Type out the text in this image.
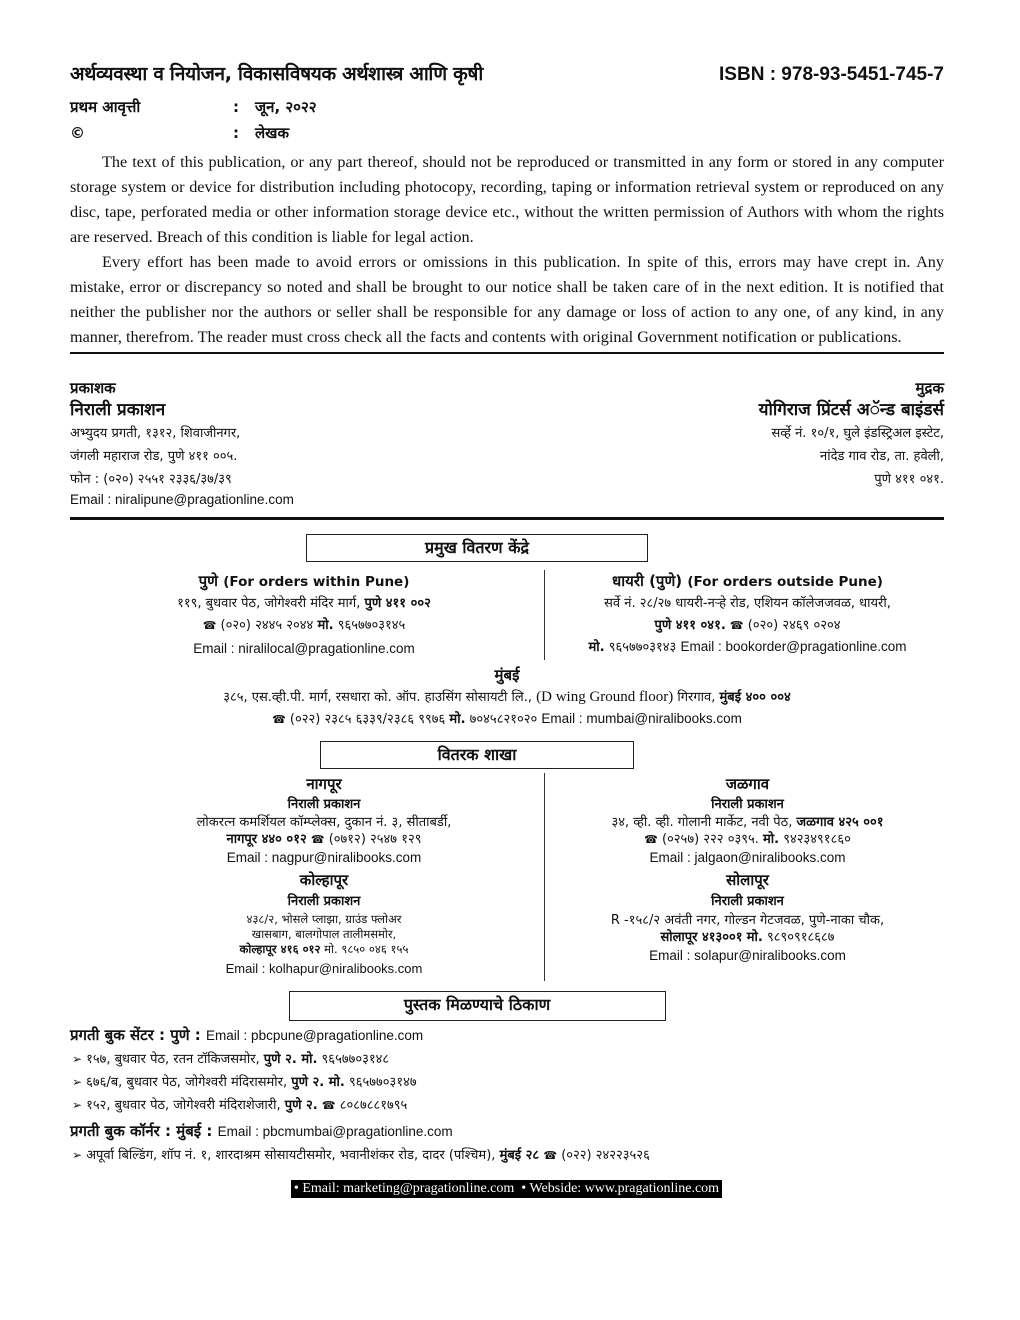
अर्थव्यवस्था व नियोजन, विकासविषयक अर्थशास्त्र आणि कृषी	ISBN : 978-93-5451-745-7
प्रथम आवृत्ती	:	जून, २०२२
©	:	लेखक

The text of this publication, or any part thereof, should not be reproduced or transmitted in any form or stored in any computer storage system or device for distribution including photocopy, recording, taping or information retrieval system or reproduced on any disc, tape, perforated media or other information storage device etc., without the written permission of Authors with whom the rights are reserved. Breach of this condition is liable for legal action.

Every effort has been made to avoid errors or omissions in this publication. In spite of this, errors may have crept in. Any mistake, error or discrepancy so noted and shall be brought to our notice shall be taken care of in the next edition. It is notified that neither the publisher nor the authors or seller shall be responsible for any damage or loss of action to any one, of any kind, in any manner, therefrom. The reader must cross check all the facts and contents with original Government notification or publications.

प्रकाशक
निराली प्रकाशन
अभ्युदय प्रगती, १३१२, शिवाजीनगर,
जंगली महाराज रोड, पुणे ४११ ००५.
फोन : (०२०) २५५१ २३३६/३७/३९
Email : niralipune@pragationline.com
मुद्रक
योगिराज प्रिंटर्स अॅन्ड बाइंडर्स
सर्व्हे नं. १०/१, घुले इंडस्ट्रिअल इस्टेट,
नांदेड गाव रोड, ता. हवेली,
पुणे ४११ ०४१.
प्रमुख वितरण केंद्रे
पुणे (For orders within Pune)
११९, बुधवार पेठ, जोगेश्वरी मंदिर मार्ग, पुणे ४११ ००२
☎ (०२०) २४४५ २०४४ मो. ९६५७७०३१४५
Email : niralilocal@pragationline.com
धायरी (पुणे) (For orders outside Pune)
सर्वे नं. २८/२७ धायरी-नऱ्हे रोड, एशियन कॉलेजजवळ, धायरी,
पुणे ४११ ०४१. ☎ (०२०) २४६९ ०२०४
मो. ९६५७७०३१४३ Email : bookorder@pragationline.com
मुंबई
३८५, एस.व्ही.पी. मार्ग, रसधारा को. ऑप. हाउसिंग सोसायटी लि., (D wing Ground floor) गिरगाव, मुंबई ४०० ००४
☎ (०२२) २३८५ ६३३९/२३८६ ९९७६ मो. ७०४५८२१०२० Email : mumbai@niralibooks.com
वितरक शाखा
नागपूर
निराली प्रकाशन
लोकरत्न कमर्शियल कॉम्प्लेक्स, दुकान नं. ३, सीताबर्डी,
नागपूर ४४० ०१२ ☎ (०७१२) २५४७ १२९
Email : nagpur@niralibooks.com
कोल्हापूर
निराली प्रकाशन
४३८/२, भोसले प्लाझा, ग्राउंड फ्लोअर
खासबाग, बालगोपाल तालीमसमोर,
कोल्हापूर ४१६ ०१२ मो. ९८५० ०४६ १५५
Email : kolhapur@niralibooks.com
जळगाव
निराली प्रकाशन
३४, व्ही. व्ही. गोलानी मार्केट, नवी पेठ, जळगाव ४२५ ००१
☎ (०२५७) २२२ ०३९५. मो. ९४२३४९१८६०
Email : jalgaon@niralibooks.com
सोलापूर
निराली प्रकाशन
R -१५८/२ अवंती नगर, गोल्डन गेटजवळ, पुणे-नाका चौक,
सोलापूर ४१३००१ मो. ९८९०९१८६८७
Email : solapur@niralibooks.com
पुस्तक मिळण्याचे ठिकाण
प्रगती बुक सेंटर : पुणे : Email : pbcpune@pragationline.com
➢ १५७, बुधवार पेठ, रतन टॉकिजसमोर, पुणे २. मो. ९६५७७०३१४८
➢ ६७६/ब, बुधवार पेठ, जोगेश्वरी मंदिरासमोर, पुणे २. मो. ९६५७७०३१४७
➢ १५२, बुधवार पेठ, जोगेश्वरी मंदिराशेजारी, पुणे २. ☎ ८०८७८८१७९५
प्रगती बुक कॉर्नर : मुंबई : Email : pbcmumbai@pragationline.com
➢ अपूर्वा बिल्डिंग, शॉप नं. १, शारदाश्रम सोसायटीसमोर, भवानीशंकर रोड, दादर (पश्चिम), मुंबई २८ ☎ (०२२) २४२२३५२६
• Email: marketing@pragationline.com • Webside: www.pragationline.com
